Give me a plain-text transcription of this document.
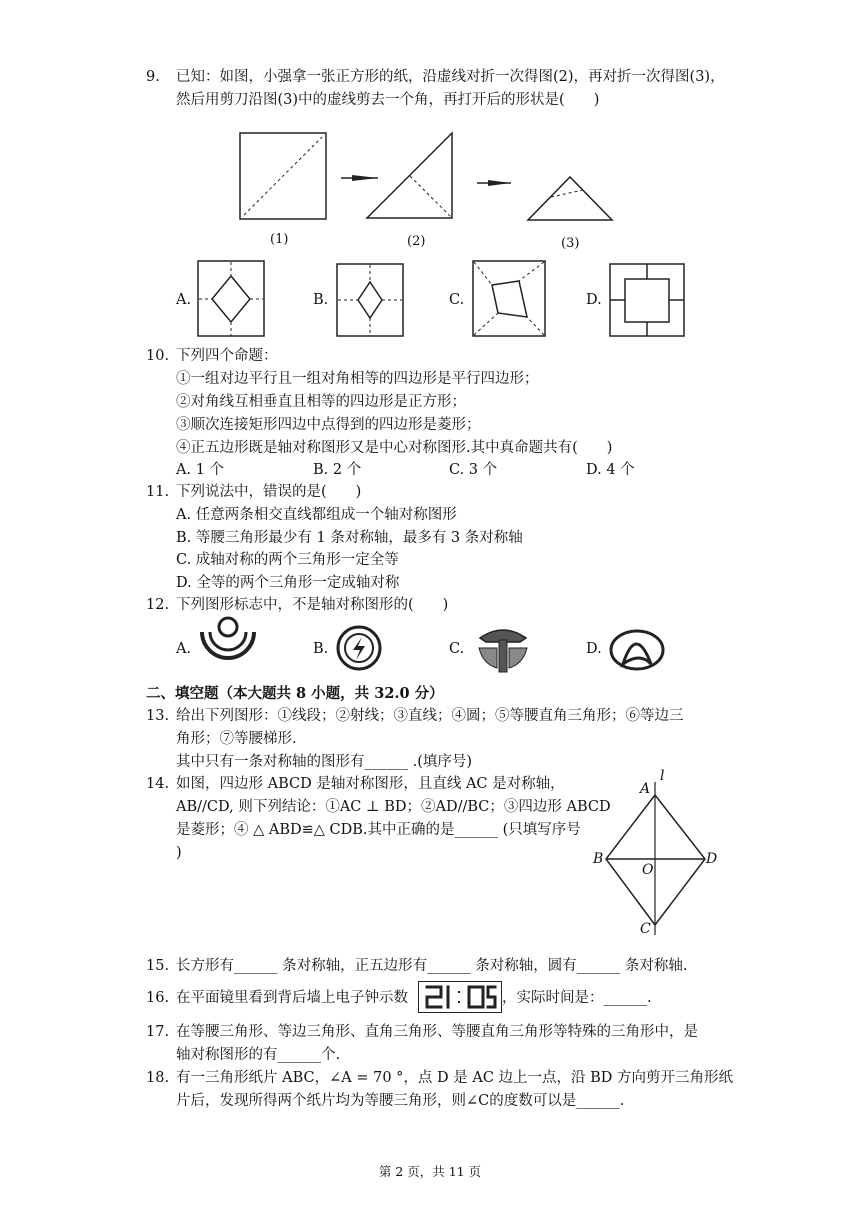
9. 已知：如图，小强拿一张正方形的纸，沿虚线对折一次得图(2)，再对折一次得图(3)，
然后用剪刀沿图(3)中的虚线剪去一个角，再打开后的形状是(　　)
(1)	(2)	(3)
A.	B.	C.	D.
10. 下列四个命题：
①一组对边平行且一组对角相等的四边形是平行四边形；
②对角线互相垂直且相等的四边形是正方形；
③顺次连接矩形四边中点得到的四边形是菱形；
④正五边形既是轴对称图形又是中心对称图形.其中真命题共有(　　)
A. 1 个	B. 2 个	C. 3 个	D. 4 个
11. 下列说法中，错误的是(　　)
A. 任意两条相交直线都组成一个轴对称图形
B. 等腰三角形最少有 1 条对称轴，最多有 3 条对称轴
C. 成轴对称的两个三角形一定全等
D. 全等的两个三角形一定成轴对称
12. 下列图形标志中，不是轴对称图形的(　　)
A.	B.	C.	D.
二、填空题（本大题共 8 小题，共 32.0 分）
13. 给出下列图形：①线段；②射线；③直线；④圆；⑤等腰直角三角形；⑥等边三
角形；⑦等腰梯形.
其中只有一条对称轴的图形有______ .(填序号)
14. 如图，四边形 ABCD 是轴对称图形，且直线 AC 是对称轴，
AB//CD, 则下列结论：①AC ⊥ BD；②AD//BC；③四边形 ABCD
是菱形；④ △ ABD≌△ CDB.其中正确的是______ (只填写序号
)
l
A
B
O
D
C
15. 长方形有______ 条对称轴，正五边形有______ 条对称轴，圆有______ 条对称轴.
16. 在平面镜里看到背后墙上电子钟示数	，实际时间是：______.
17. 在等腰三角形、等边三角形、直角三角形、等腰直角三角形等特殊的三角形中，是
轴对称图形的有______个.
18. 有一三角形纸片 ABC，∠A = 70 °，点 D 是 AC 边上一点，沿 BD 方向剪开三角形纸
片后，发现所得两个纸片均为等腰三角形，则∠C的度数可以是______.
第 2 页，共 11 页
